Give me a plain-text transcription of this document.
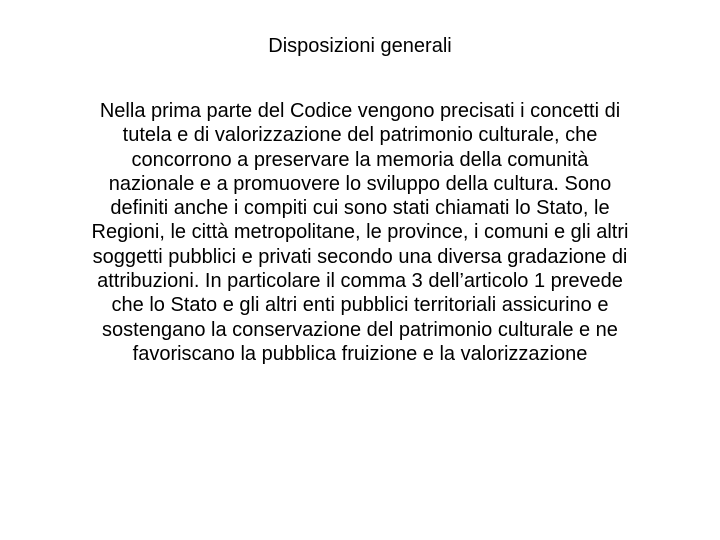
Disposizioni generali
Nella prima parte del Codice vengono precisati i concetti di
tutela e di valorizzazione del patrimonio culturale, che
concorrono a preservare la memoria della comunità
nazionale e a promuovere lo sviluppo della cultura. Sono
definiti anche i compiti cui sono stati chiamati lo Stato, le
Regioni, le città metropolitane, le province, i comuni e gli altri
soggetti pubblici e privati secondo una diversa gradazione di
attribuzioni. In particolare il comma 3 dell’articolo 1 prevede
che lo Stato e gli altri enti pubblici territoriali assicurino e
sostengano la conservazione del patrimonio culturale e ne
favoriscano la pubblica fruizione e la valorizzazione
